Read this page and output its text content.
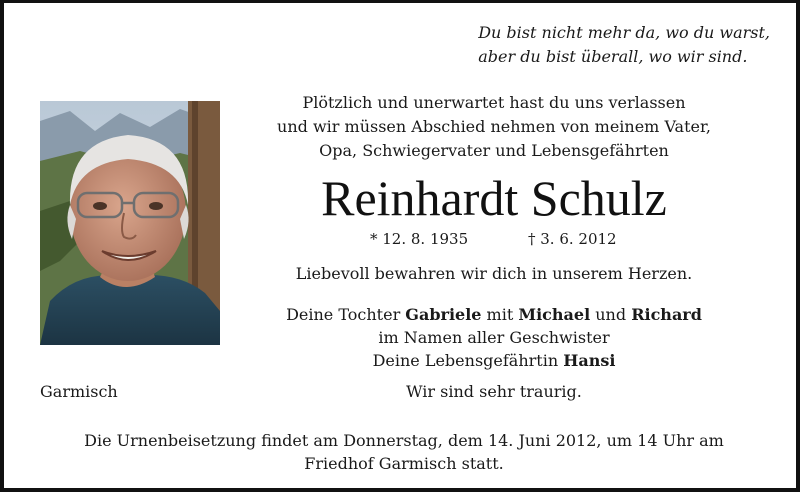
Du bist nicht mehr da, wo du warst,
aber du bist überall, wo wir sind.
Plötzlich und unerwartet hast du uns verlassen
und wir müssen Abschied nehmen von meinem Vater,
Opa, Schwiegervater und Lebensgefährten
Reinhardt Schulz
* 12. 8. 1935	† 3. 6. 2012
Liebevoll bewahren wir dich in unserem Herzen.
Deine Tochter Gabriele mit Michael und Richard
im Namen aller Geschwister
Deine Lebensgefährtin Hansi
Garmisch	Wir sind sehr traurig.
Die Urnenbeisetzung findet am Donnerstag, dem 14. Juni 2012, um 14 Uhr am
Friedhof Garmisch statt.
